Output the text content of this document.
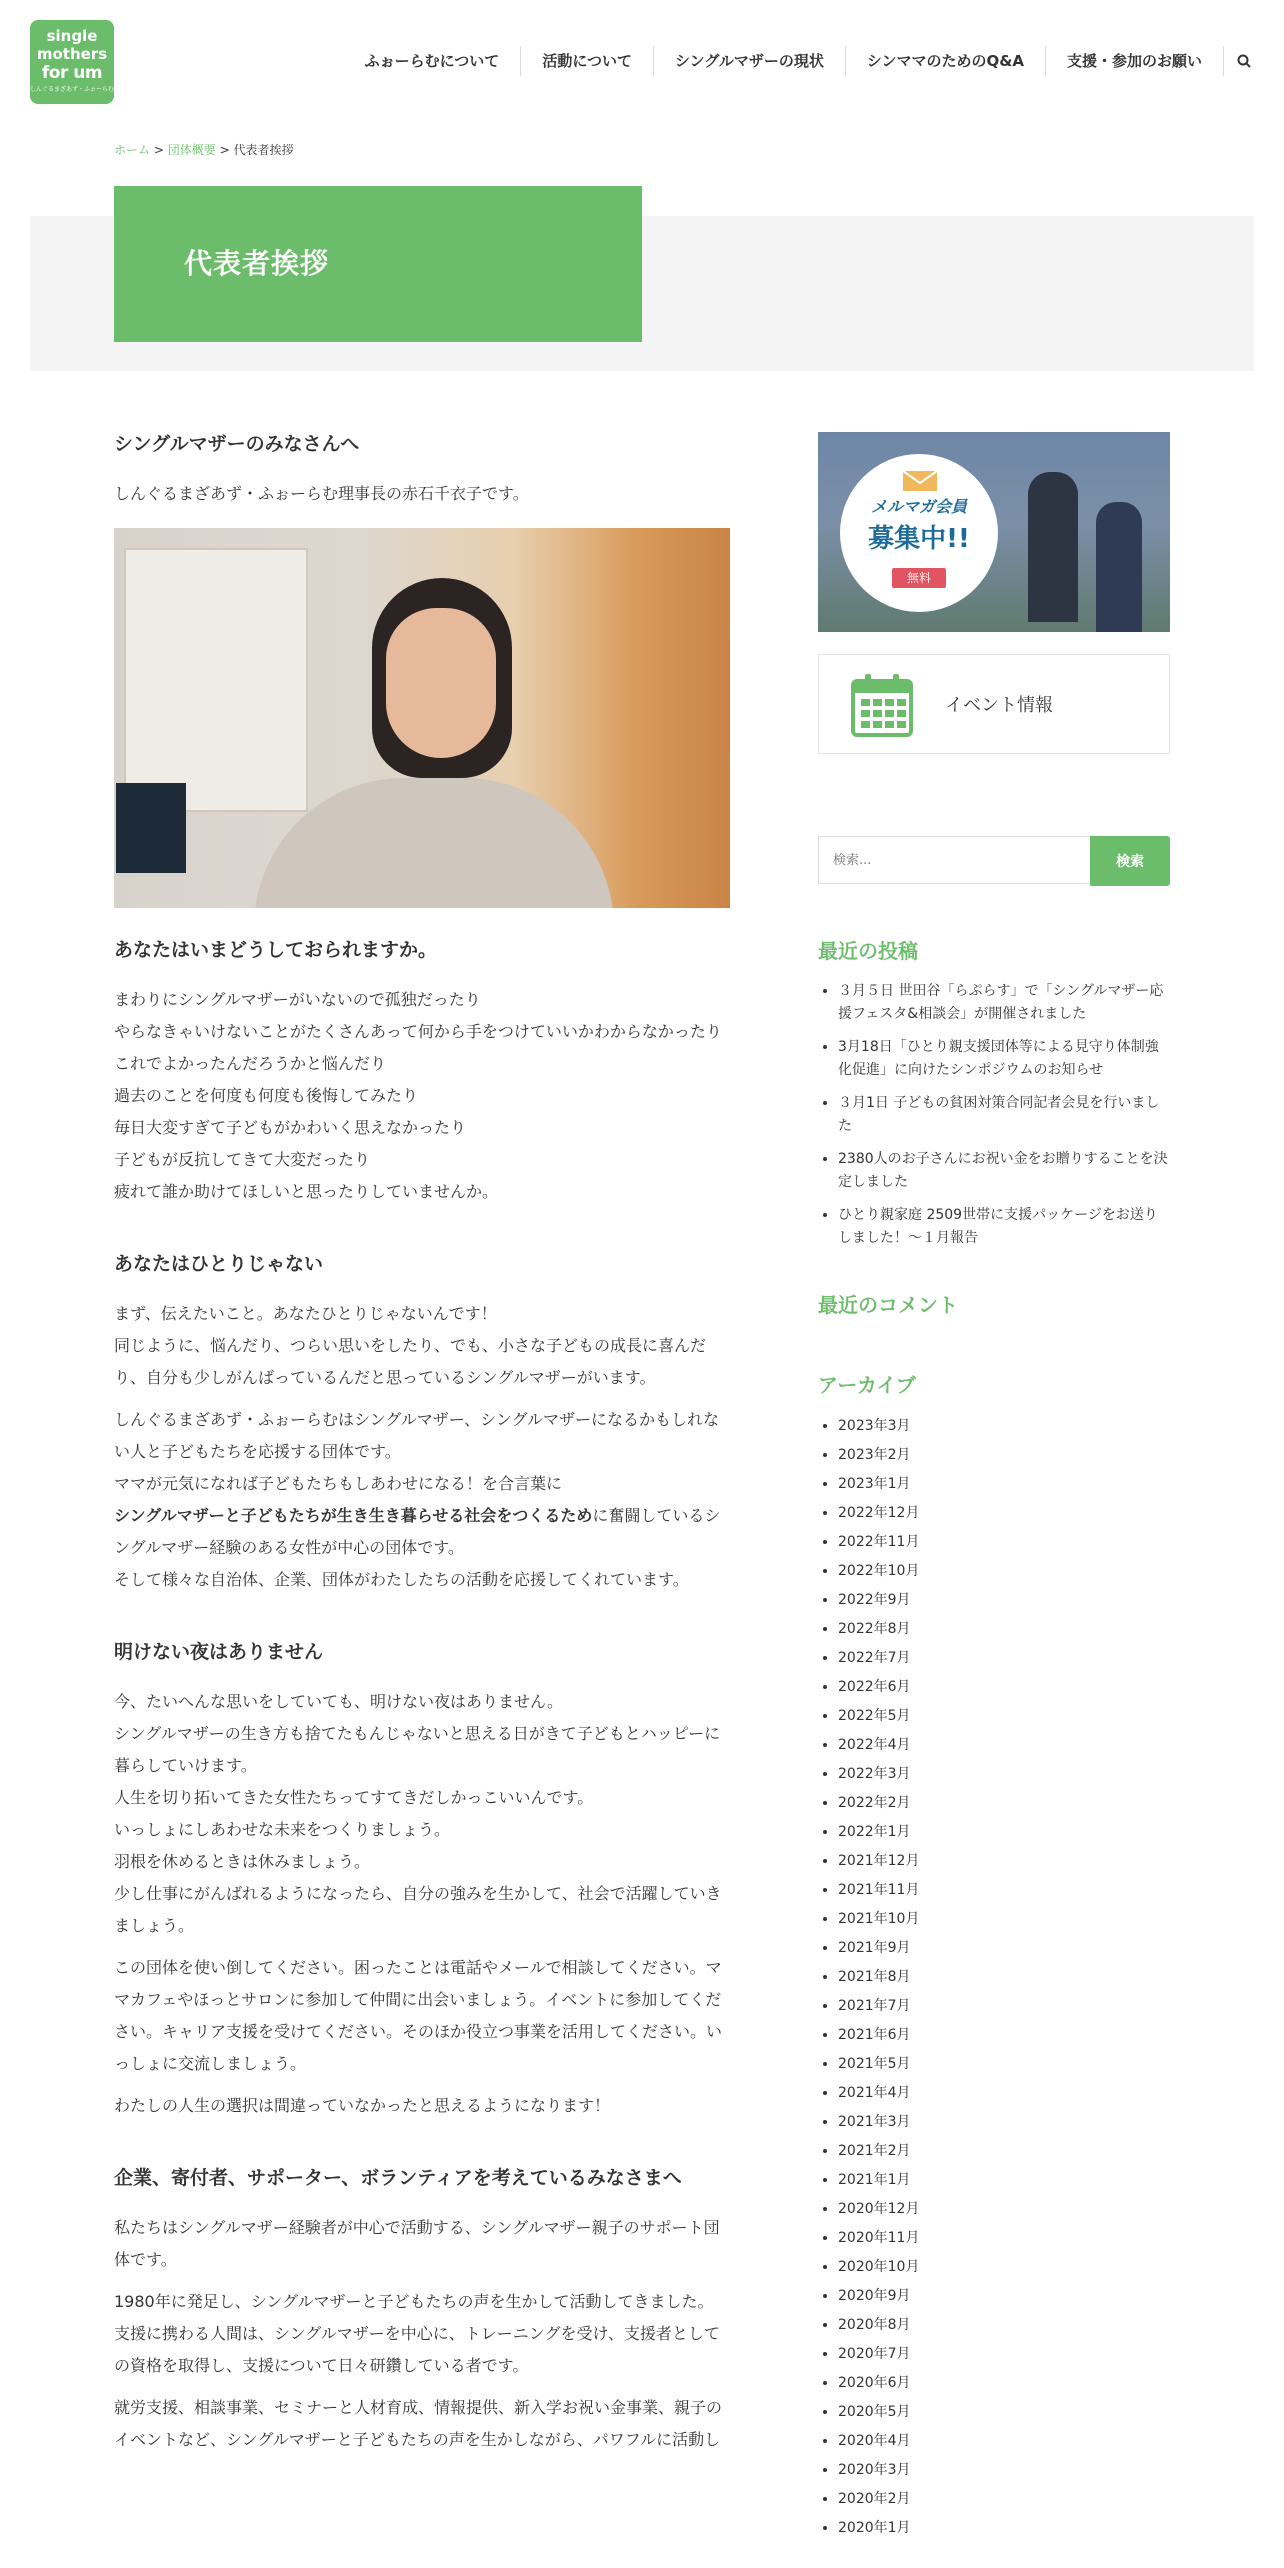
single
mothers
for um
しんぐるまざあず・ふぉーらむ
ふぉーらむについて	活動について	シングルマザーの現状	シンママのためのQ&A	支援・参加のお願い
ホーム > 団体概要 > 代表者挨拶
代表者挨拶
シングルマザーのみなさんへ

しんぐるまざあず・ふぉーらむ理事長の赤石千衣子です。

あなたはいまどうしておられますか。

まわりにシングルマザーがいないので孤独だったり
やらなきゃいけないことがたくさんあって何から手をつけていいかわからなかったり
これでよかったんだろうかと悩んだり
過去のことを何度も何度も後悔してみたり
毎日大変すぎて子どもがかわいく思えなかったり
子どもが反抗してきて大変だったり
疲れて誰か助けてほしいと思ったりしていませんか。

あなたはひとりじゃない

まず、伝えたいこと。あなたひとりじゃないんです！
同じように、悩んだり、つらい思いをしたり、でも、小さな子どもの成長に喜んだ
り、自分も少しがんばっているんだと思っているシングルマザーがいます。

しんぐるまざあず・ふぉーらむはシングルマザー、シングルマザーになるかもしれな
い人と子どもたちを応援する団体です。
ママが元気になれば子どもたちもしあわせになる！を合言葉に
シングルマザーと子どもたちが生き生き暮らせる社会をつくるために奮闘しているシ
ングルマザー経験のある女性が中心の団体です。
そして様々な自治体、企業、団体がわたしたちの活動を応援してくれています。

明けない夜はありません

今、たいへんな思いをしていても、明けない夜はありません。
シングルマザーの生き方も捨てたもんじゃないと思える日がきて子どもとハッピーに
暮らしていけます。
人生を切り拓いてきた女性たちってすてきだしかっこいいんです。
いっしょにしあわせな未来をつくりましょう。
羽根を休めるときは休みましょう。
少し仕事にがんばれるようになったら、自分の強みを生かして、社会で活躍していき
ましょう。

この団体を使い倒してください。困ったことは電話やメールで相談してください。マ
マカフェやほっとサロンに参加して仲間に出会いましょう。イベントに参加してくだ
さい。キャリア支援を受けてください。そのほか役立つ事業を活用してください。い
っしょに交流しましょう。

わたしの人生の選択は間違っていなかったと思えるようになります！

企業、寄付者、サポーター、ボランティアを考えているみなさまへ

私たちはシングルマザー経験者が中心で活動する、シングルマザー親子のサポート団
体です。

1980年に発足し、シングルマザーと子どもたちの声を生かして活動してきました。
支援に携わる人間は、シングルマザーを中心に、トレーニングを受け、支援者として
の資格を取得し、支援について日々研鑽している者です。

就労支援、相談事業、セミナーと人材育成、情報提供、新入学お祝い金事業、親子の
イベントなど、シングルマザーと子どもたちの声を生かしながら、パワフルに活動し

メルマガ会員
募集中!!
無料
イベント情報
検索...
検索
最近の投稿
• ３月５日 世田谷「らぷらす」で「シングルマザー応援フェスタ&相談会」が開催されました
• 3月18日「ひとり親支援団体等による見守り体制強化促進」に向けたシンポジウムのお知らせ
• ３月1日 子どもの貧困対策合同記者会見を行いました
• 2380人のお子さんにお祝い金をお贈りすることを決定しました
• ひとり親家庭 2509世帯に支援パッケージをお送りしました！〜１月報告
最近のコメント
アーカイブ
• 2023年3月
• 2023年2月
• 2023年1月
• 2022年12月
• 2022年11月
• 2022年10月
• 2022年9月
• 2022年8月
• 2022年7月
• 2022年6月
• 2022年5月
• 2022年4月
• 2022年3月
• 2022年2月
• 2022年1月
• 2021年12月
• 2021年11月
• 2021年10月
• 2021年9月
• 2021年8月
• 2021年7月
• 2021年6月
• 2021年5月
• 2021年4月
• 2021年3月
• 2021年2月
• 2021年1月
• 2020年12月
• 2020年11月
• 2020年10月
• 2020年9月
• 2020年8月
• 2020年7月
• 2020年6月
• 2020年5月
• 2020年4月
• 2020年3月
• 2020年2月
• 2020年1月
